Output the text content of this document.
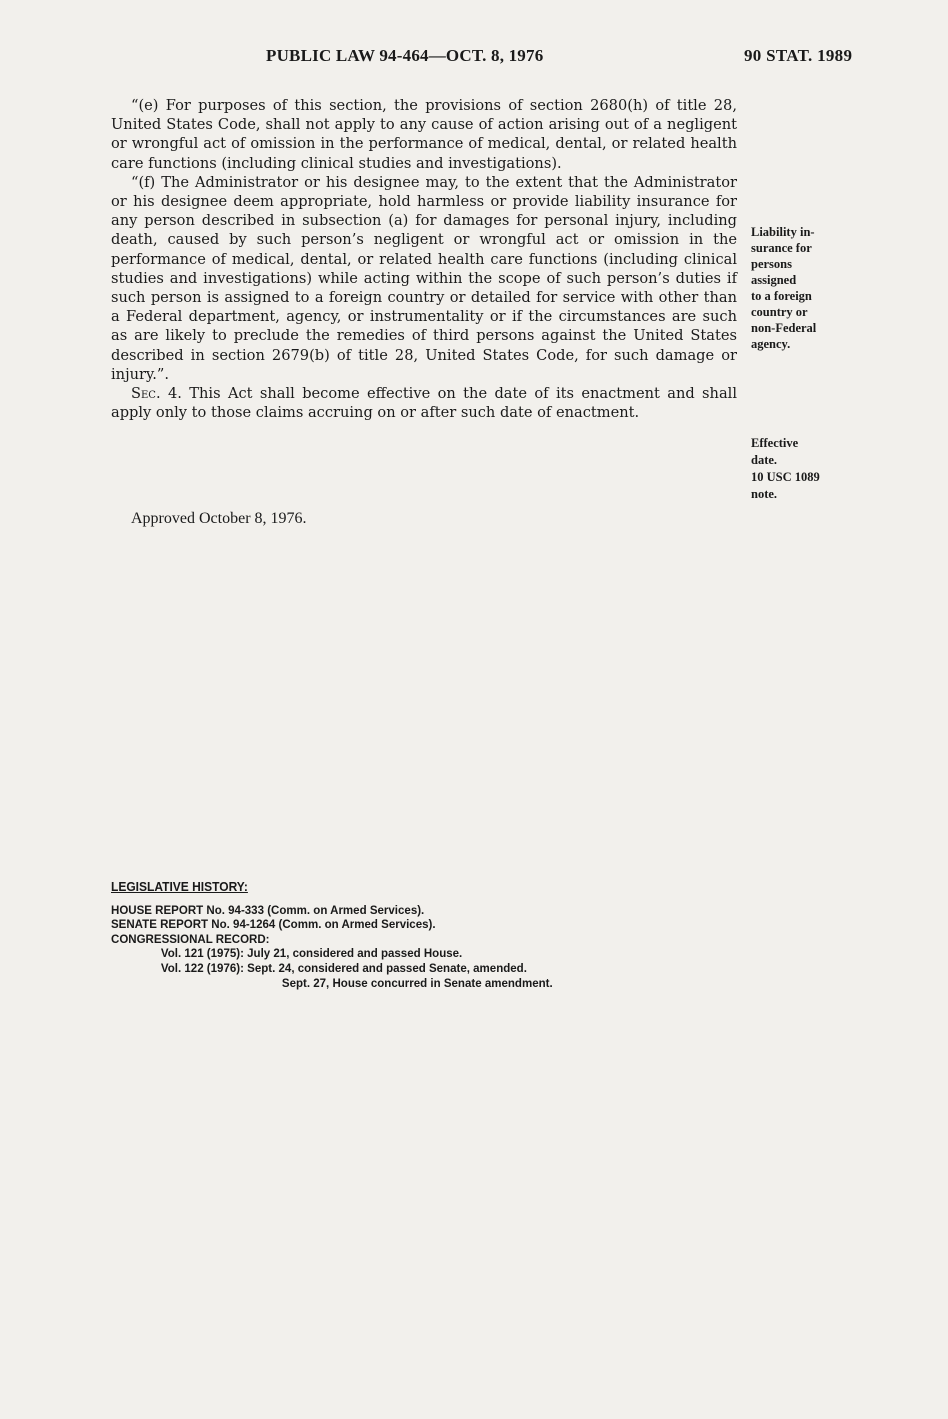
PUBLIC LAW 94-464—OCT. 8, 1976	90 STAT. 1989

“(e) For purposes of this section, the provisions of section 2680(h) of title 28, United States Code, shall not apply to any cause of action arising out of a negligent or wrongful act of omission in the performance of medical, dental, or related health care functions (including clinical studies and investigations).

“(f) The Administrator or his designee may, to the extent that the Administrator or his designee deem appropriate, hold harmless or provide liability insurance for any person described in subsection (a) for damages for personal injury, including death, caused by such person’s negligent or wrongful act or omission in the performance of medical, dental, or related health care functions (including clinical studies and investigations) while acting within the scope of such person’s duties if such person is assigned to a foreign country or detailed for service with other than a Federal department, agency, or instrumentality or if the circumstances are such as are likely to preclude the remedies of third persons against the United States described in section 2679(b) of title 28, United States Code, for such damage or injury.”.

Sec. 4. This Act shall become effective on the date of its enactment and shall apply only to those claims accruing on or after such date of enactment.

Approved October 8, 1976.
Liability in-
surance for
persons
assigned
to a foreign
country or
non-Federal
agency.
Effective
date.
10 USC 1089
note.
LEGISLATIVE HISTORY:
HOUSE REPORT No. 94-333 (Comm. on Armed Services).
SENATE REPORT No. 94-1264 (Comm. on Armed Services).
CONGRESSIONAL RECORD:
Vol. 121 (1975): July 21, considered and passed House.
Vol. 122 (1976): Sept. 24, considered and passed Senate, amended.
Sept. 27, House concurred in Senate amendment.
